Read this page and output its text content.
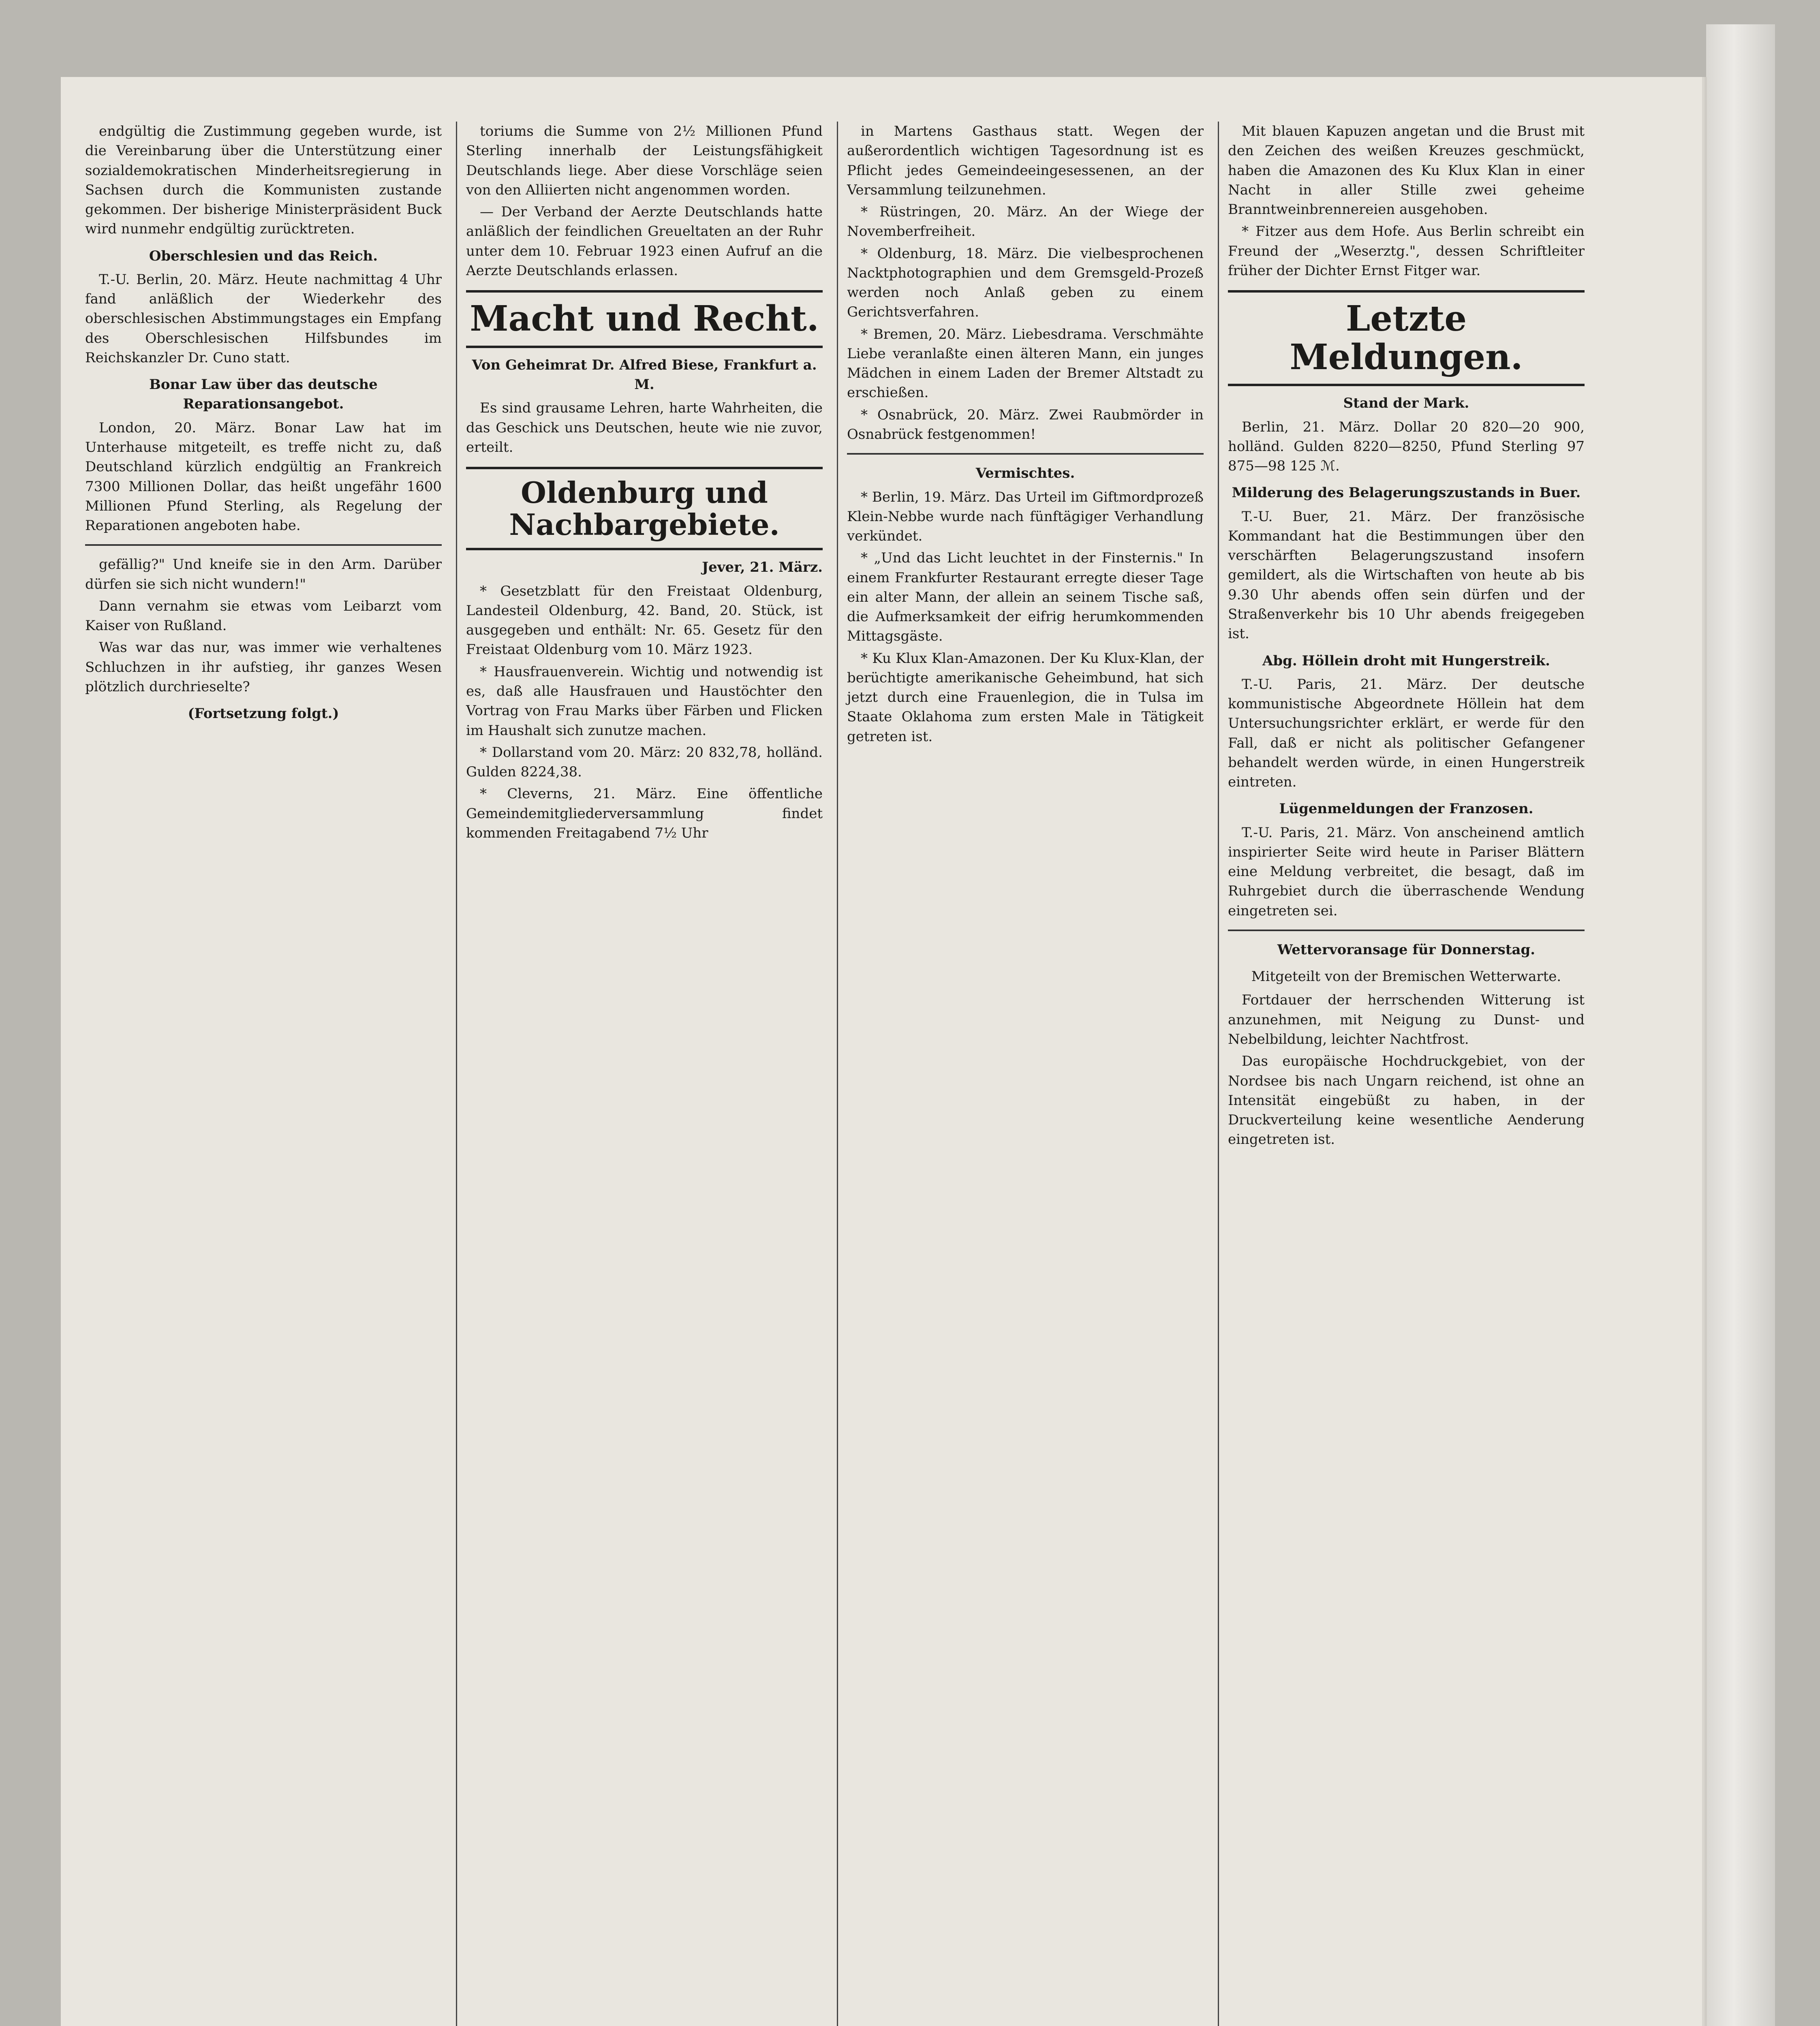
endgültig die Zustimmung gegeben wurde, ist die Vereinbarung über die Unterstützung einer sozialdemokratischen Minderheitsregierung in Sachsen durch die Kommunisten zustande gekommen. Der bisherige Ministerpräsident Buck wird nunmehr endgültig zurücktreten.

Oberschlesien und das Reich.

T.-U. Berlin, 20. März. Heute nachmittag 4 Uhr fand anläßlich der Wiederkehr des oberschlesischen Abstimmungstages ein Empfang des Oberschlesischen Hilfsbundes im Reichskanzler Dr. Cuno statt.

Bonar Law über das deutsche Reparationsangebot.

London, 20. März. Bonar Law hat im Unterhause mitgeteilt, es treffe nicht zu, daß Deutschland kürzlich endgültig an Frankreich 7300 Millionen Dollar, das heißt ungefähr 1600 Millionen Pfund Sterling, als Regelung der Reparationen angeboten habe.

gefällig?" Und kneife sie in den Arm. Darüber dürfen sie sich nicht wundern!"

Dann vernahm sie etwas vom Leibarzt vom Kaiser von Rußland.

Was war das nur, was immer wie verhaltenes Schluchzen in ihr aufstieg, ihr ganzes Wesen plötzlich durchrieselte?

(Fortsetzung folgt.)

toriums die Summe von 2½ Millionen Pfund Sterling innerhalb der Leistungsfähigkeit Deutschlands liege. Aber diese Vorschläge seien von den Alliierten nicht angenommen worden.

— Der Verband der Aerzte Deutschlands hatte anläßlich der feindlichen Greueltaten an der Ruhr unter dem 10. Februar 1923 einen Aufruf an die Aerzte Deutschlands erlassen.

Macht und Recht.

Von Geheimrat Dr. Alfred Biese, Frankfurt a. M.

Es sind grausame Lehren, harte Wahrheiten, die das Geschick uns Deutschen, heute wie nie zuvor, erteilt.

Oldenburg und Nachbargebiete.

Jever, 21. März.

* Gesetzblatt für den Freistaat Oldenburg, Landesteil Oldenburg, 42. Band, 20. Stück, ist ausgegeben und enthält: Nr. 65. Gesetz für den Freistaat Oldenburg vom 10. März 1923.

* Hausfrauenverein. Wichtig und notwendig ist es, daß alle Hausfrauen und Haustöchter den Vortrag von Frau Marks über Färben und Flicken im Haushalt sich zunutze machen.

* Dollarstand vom 20. März: 20 832,78, holländ. Gulden 8224,38.

* Cleverns, 21. März. Eine öffentliche Gemeindemitgliederversammlung findet kommenden Freitagabend 7½ Uhr

in Martens Gasthaus statt. Wegen der außerordentlich wichtigen Tagesordnung ist es Pflicht jedes Gemeindeeingesessenen, an der Versammlung teilzunehmen.

* Rüstringen, 20. März. An der Wiege der Novemberfreiheit.

* Oldenburg, 18. März. Die vielbesprochenen Nacktphotographien und dem Gremsgeld-Prozeß werden noch Anlaß geben zu einem Gerichtsverfahren.

* Bremen, 20. März. Liebesdrama. Verschmähte Liebe veranlaßte einen älteren Mann, ein junges Mädchen in einem Laden der Bremer Altstadt zu erschießen.

* Osnabrück, 20. März. Zwei Raubmörder in Osnabrück festgenommen!

Vermischtes.

* Berlin, 19. März. Das Urteil im Giftmordprozeß Klein-Nebbe wurde nach fünftägiger Verhandlung verkündet.

* „Und das Licht leuchtet in der Finsternis." In einem Frankfurter Restaurant erregte dieser Tage ein alter Mann, der allein an seinem Tische saß, die Aufmerksamkeit der eifrig herumkommenden Mittagsgäste.

* Ku Klux Klan-Amazonen. Der Ku Klux-Klan, der berüchtigte amerikanische Geheimbund, hat sich jetzt durch eine Frauenlegion, die in Tulsa im Staate Oklahoma zum ersten Male in Tätigkeit getreten ist.

Mit blauen Kapuzen angetan und die Brust mit den Zeichen des weißen Kreuzes geschmückt, haben die Amazonen des Ku Klux Klan in einer Nacht in aller Stille zwei geheime Branntweinbrennereien ausgehoben.

* Fitzer aus dem Hofe. Aus Berlin schreibt ein Freund der „Weserztg.", dessen Schriftleiter früher der Dichter Ernst Fitger war.

Letzte Meldungen.

Stand der Mark.

Berlin, 21. März. Dollar 20 820—20 900, holländ. Gulden 8220—8250, Pfund Sterling 97 875—98 125 ℳ.

Milderung des Belagerungszustands in Buer.

T.-U. Buer, 21. März. Der französische Kommandant hat die Bestimmungen über den verschärften Belagerungszustand insofern gemildert, als die Wirtschaften von heute ab bis 9.30 Uhr abends offen sein dürfen und der Straßenverkehr bis 10 Uhr abends freigegeben ist.

Abg. Höllein droht mit Hungerstreik.

T.-U. Paris, 21. März. Der deutsche kommunistische Abgeordnete Höllein hat dem Untersuchungsrichter erklärt, er werde für den Fall, daß er nicht als politischer Gefangener behandelt werden würde, in einen Hungerstreik eintreten.

Lügenmeldungen der Franzosen.

T.-U. Paris, 21. März. Von anscheinend amtlich inspirierter Seite wird heute in Pariser Blättern eine Meldung verbreitet, die besagt, daß im Ruhrgebiet durch die überraschende Wendung eingetreten sei.

Wettervoransage für Donnerstag.

Mitgeteilt von der Bremischen Wetterwarte.

Fortdauer der herrschenden Witterung ist anzunehmen, mit Neigung zu Dunst- und Nebelbildung, leichter Nachtfrost.

Das europäische Hochdruckgebiet, von der Nordsee bis nach Ungarn reichend, ist ohne an Intensität eingebüßt zu haben, in der Druckverteilung keine wesentliche Aenderung eingetreten ist.
